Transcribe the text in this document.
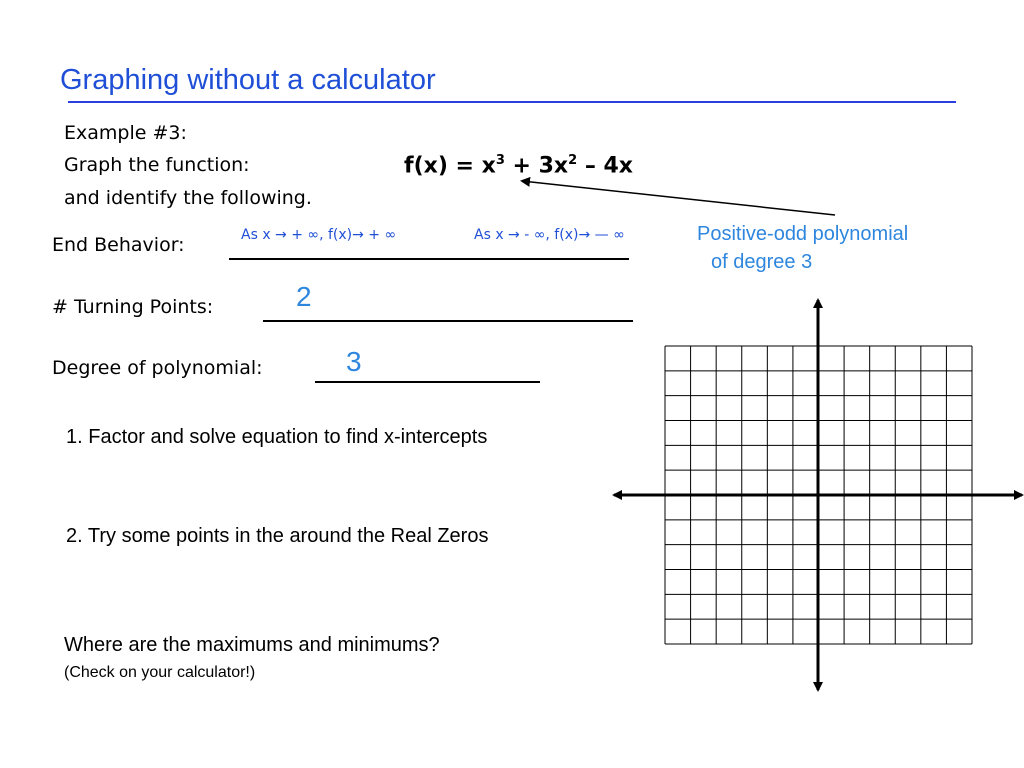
Graphing without a calculator
Example #3:
Graph the function:
and identify the following.
$f(x) = x^3 + 3x^2 - 4x$
Positive-odd polynomial
of degree 3
End Behavior:	As x → + ∞, f(x)→ + ∞	As x → - ∞, f(x)→ — ∞
# Turning Points:	2
Degree of polynomial:	3
1. Factor and solve equation to find x-intercepts
2. Try some points in the around the Real Zeros
Where are the maximums and minimums?
(Check on your calculator!)
